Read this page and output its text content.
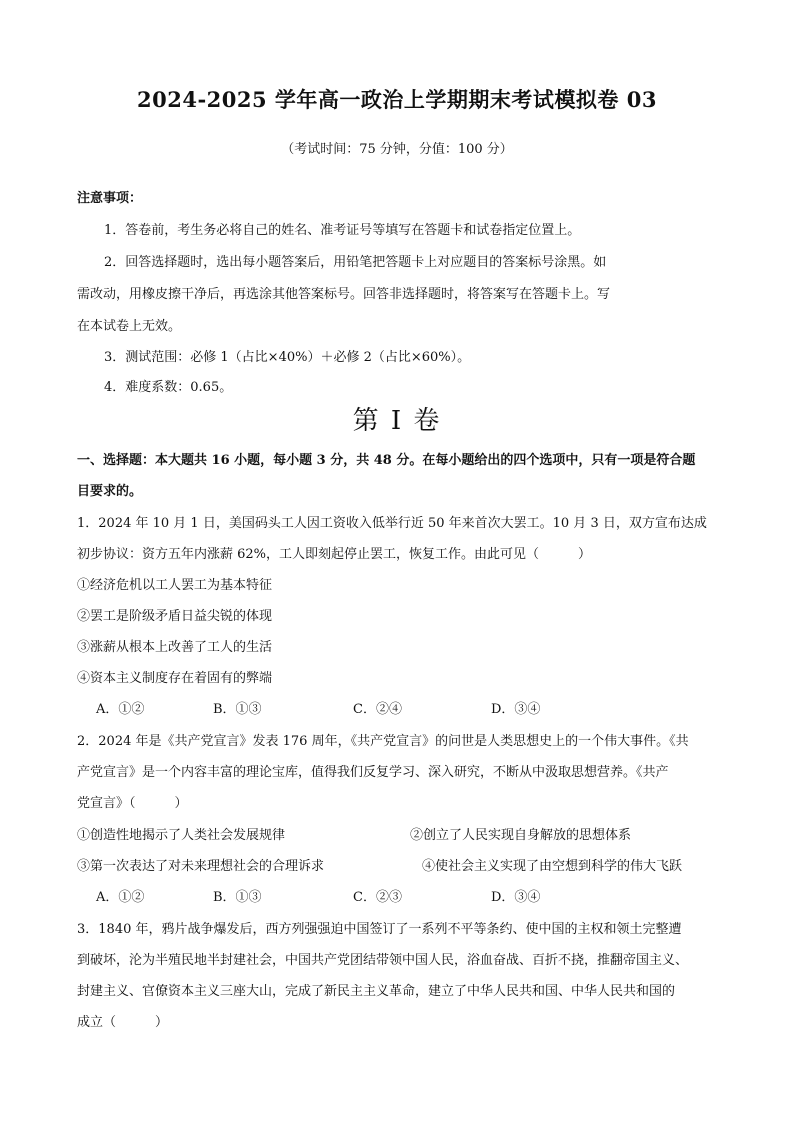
2024-2025 学年高一政治上学期期末考试模拟卷 03
（考试时间：75 分钟，分值：100 分）
注意事项：
1．答卷前，考生务必将自己的姓名、准考证号等填写在答题卡和试卷指定位置上。
2．回答选择题时，选出每小题答案后，用铅笔把答题卡上对应题目的答案标号涂黑。如
需改动，用橡皮擦干净后，再选涂其他答案标号。回答非选择题时，将答案写在答题卡上。写
在本试卷上无效。
3．测试范围：必修 1（占比×40%）＋必修 2（占比×60%）。
4．难度系数：0.65。
第 I 卷
一、选择题：本大题共 16 小题，每小题 3 分，共 48 分。在每小题给出的四个选项中，只有一项是符合题
目要求的。
1．2024 年 10 月 1 日，美国码头工人因工资收入低举行近 50 年来首次大罢工。10 月 3 日，双方宣布达成
初步协议：资方五年内涨薪 62%，工人即刻起停止罢工，恢复工作。由此可见（　　　）
①经济危机以工人罢工为基本特征
②罢工是阶级矛盾日益尖锐的体现
③涨薪从根本上改善了工人的生活
④资本主义制度存在着固有的弊端
A．①②	B．①③	C．②④	D．③④
2．2024 年是《共产党宣言》发表 176 周年，《共产党宣言》的问世是人类思想史上的一个伟大事件。《共
产党宣言》是一个内容丰富的理论宝库，值得我们反复学习、深入研究，不断从中汲取思想营养。《共产
党宣言》（　　　）
①创造性地揭示了人类社会发展规律	②创立了人民实现自身解放的思想体系
③第一次表达了对未来理想社会的合理诉求	④使社会主义实现了由空想到科学的伟大飞跃
A．①②	B．①③	C．②③	D．③④
3．1840 年，鸦片战争爆发后，西方列强强迫中国签订了一系列不平等条约、使中国的主权和领土完整遭
到破坏，沦为半殖民地半封建社会，中国共产党团结带领中国人民，浴血奋战、百折不挠，推翻帝国主义、
封建主义、官僚资本主义三座大山，完成了新民主主义革命，建立了中华人民共和国、中华人民共和国的
成立（　　　）
